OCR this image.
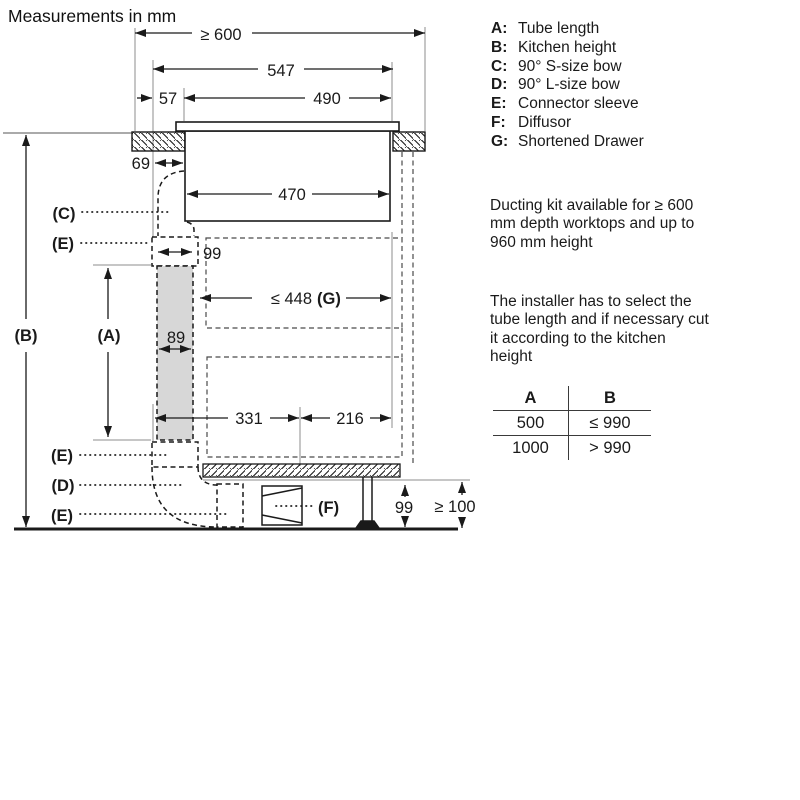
Measurements in mm
≥ 600
547
57	490
69
470
99
≤ 448 (G)
89
331	216
99 ≥ 100
(B)	(A)
(C)
(E)
(E)
(D)
(E)	(F)
A: Tube length
B: Kitchen height
C: 90° S-size bow
D: 90° L-size bow
E: Connector sleeve
F: Diffusor
G: Shortened Drawer
Ducting kit available for ≥ 600 mm depth worktops and up to 960 mm height
The installer has to select the tube length and if necessary cut it according to the kitchen height
A	B
500	≤ 990
1000	> 990
